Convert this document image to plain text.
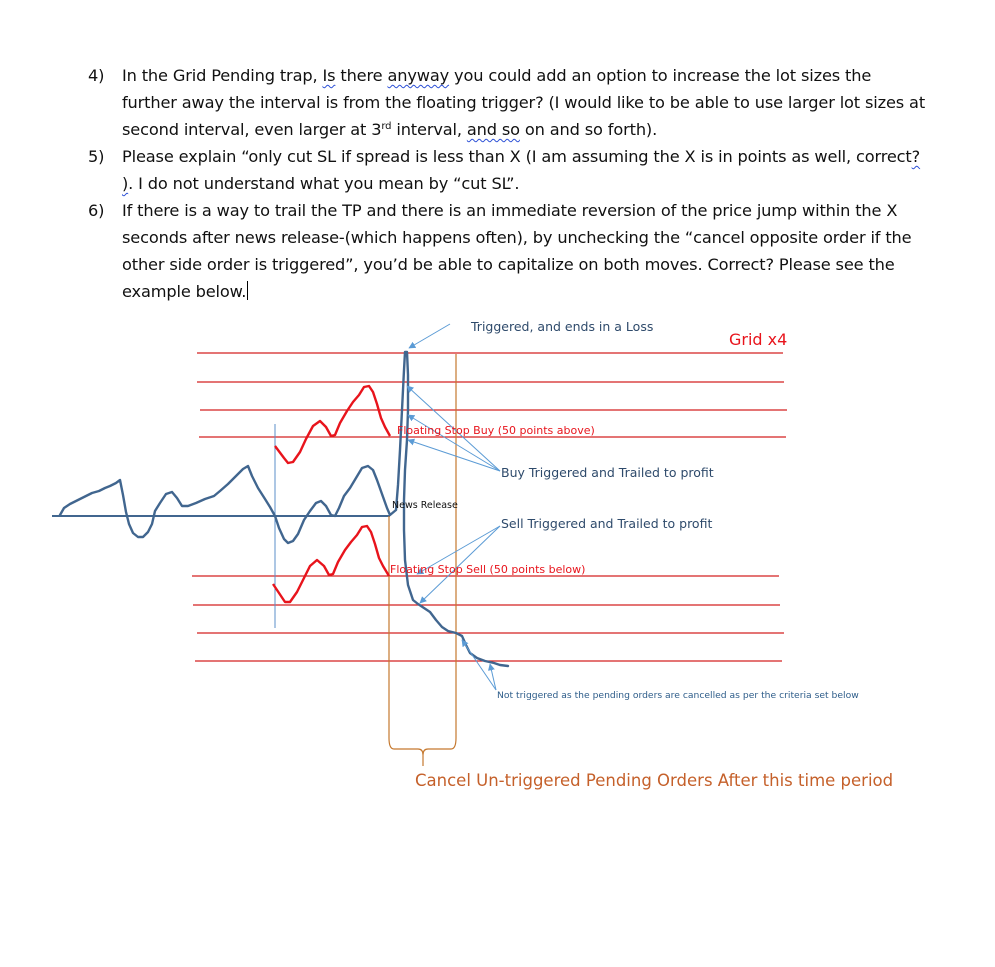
4) In the Grid Pending trap, Is there anyway you could add an option to increase the lot sizes the further away the interval is from the floating trigger? (I would like to be able to use larger lot sizes at second interval, even larger at 3rd interval, and so on and so forth).
5) Please explain “only cut SL if spread is less than X (I am assuming the X is in points as well, correct? ). I do not understand what you mean by “cut SL”.
6) If there is a way to trail the TP and there is an immediate reversion of the price jump within the X seconds after news release-(which happens often), by unchecking the “cancel opposite order if the other side order is triggered”, you’d be able to capitalize on both moves. Correct? Please see the example below.
Triggered, and ends in a Loss
Grid x4
Floating Stop Buy (50 points above)
Buy Triggered and Trailed to profit
News Release
Sell Triggered and Trailed to profit
Floating Stop Sell (50 points below)
Not triggered as the pending orders are cancelled as per the criteria set below
Cancel Un-triggered Pending Orders After this time period
